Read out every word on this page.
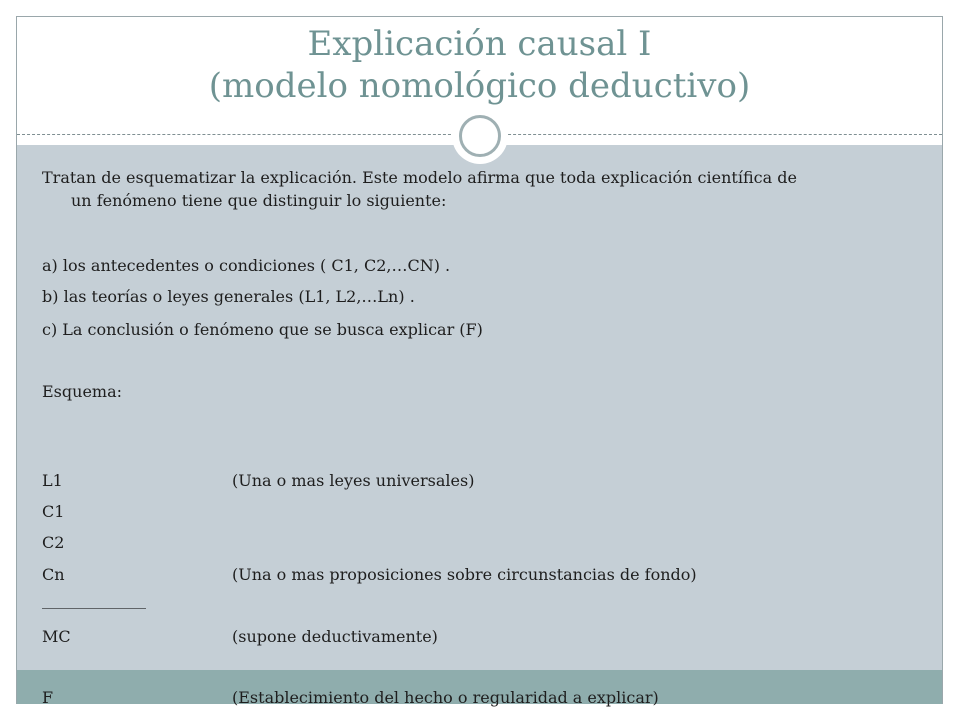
Explicación causal I
(modelo nomológico deductivo)
Tratan de esquematizar la explicación. Este modelo afirma que toda explicación científica de
un fenómeno tiene que distinguir lo siguiente:
a) los antecedentes o condiciones ( C1, C2,…CN) .
b) las teorías o leyes generales (L1, L2,…Ln) .
c) La conclusión o fenómeno que se busca explicar (F)
Esquema:
L1	(Una o mas leyes universales)
C1
C2
Cn	(Una o mas proposiciones sobre circunstancias de fondo)
_____________
MC	(supone deductivamente)
F	(Establecimiento del hecho o regularidad a explicar)
